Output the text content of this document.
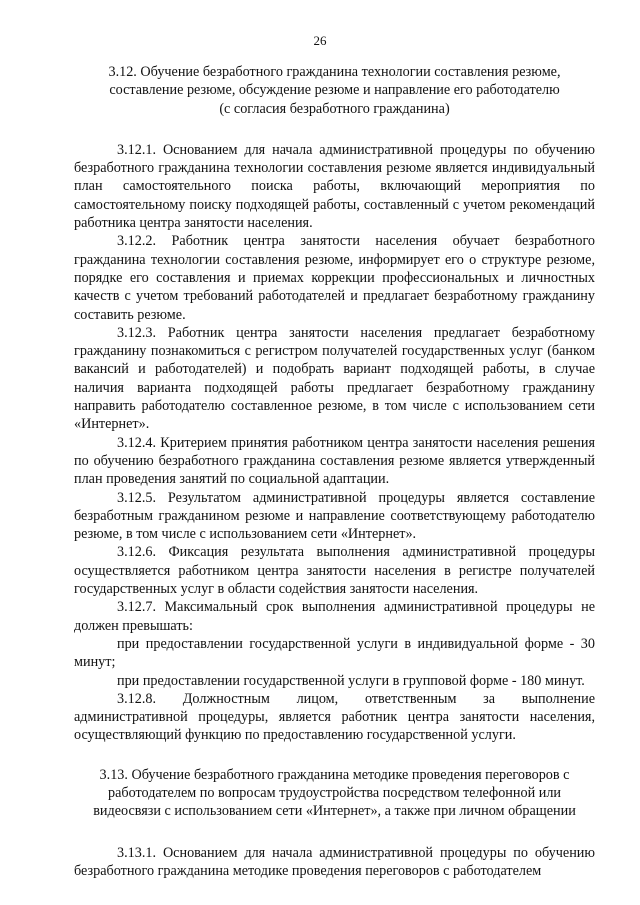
26
3.12. Обучение безработного гражданина технологии составления резюме,
составление резюме, обсуждение резюме и направление его работодателю
(с согласия безработного гражданина)

3.12.1. Основанием для начала административной процедуры по обучению безработного гражданина технологии составления резюме является индивидуальный план самостоятельного поиска работы, включающий мероприятия по самостоятельному поиску подходящей работы, составленный с учетом рекомендаций работника центра занятости населения.

3.12.2. Работник центра занятости населения обучает безработного гражданина технологии составления резюме, информирует его о структуре резюме, порядке его составления и приемах коррекции профессиональных и личностных качеств с учетом требований работодателей и предлагает безработному гражданину составить резюме.

3.12.3. Работник центра занятости населения предлагает безработному гражданину познакомиться с регистром получателей государственных услуг (банком вакансий и работодателей) и подобрать вариант подходящей работы, в случае наличия варианта подходящей работы предлагает безработному гражданину направить работодателю составленное резюме, в том числе с использованием сети «Интернет».

3.12.4. Критерием принятия работником центра занятости населения решения по обучению безработного гражданина составления резюме является утвержденный план проведения занятий по социальной адаптации.

3.12.5. Результатом административной процедуры является составление безработным гражданином резюме и направление соответствующему работодателю резюме, в том числе с использованием сети «Интернет».

3.12.6. Фиксация результата выполнения административной процедуры осуществляется работником центра занятости населения в регистре получателей государственных услуг в области содействия занятости населения.

3.12.7. Максимальный срок выполнения административной процедуры не должен превышать:

при предоставлении государственной услуги в индивидуальной форме - 30 минут;

при предоставлении государственной услуги в групповой форме - 180 минут.

3.12.8. Должностным лицом, ответственным за выполнение административной процедуры, является работник центра занятости населения, осуществляющий функцию по предоставлению государственной услуги.

3.13. Обучение безработного гражданина методике проведения переговоров с
работодателем по вопросам трудоустройства посредством телефонной или
видеосвязи с использованием сети «Интернет», а также при личном обращении

3.13.1. Основанием для начала административной процедуры по обучению безработного гражданина методике проведения переговоров с работодателем
